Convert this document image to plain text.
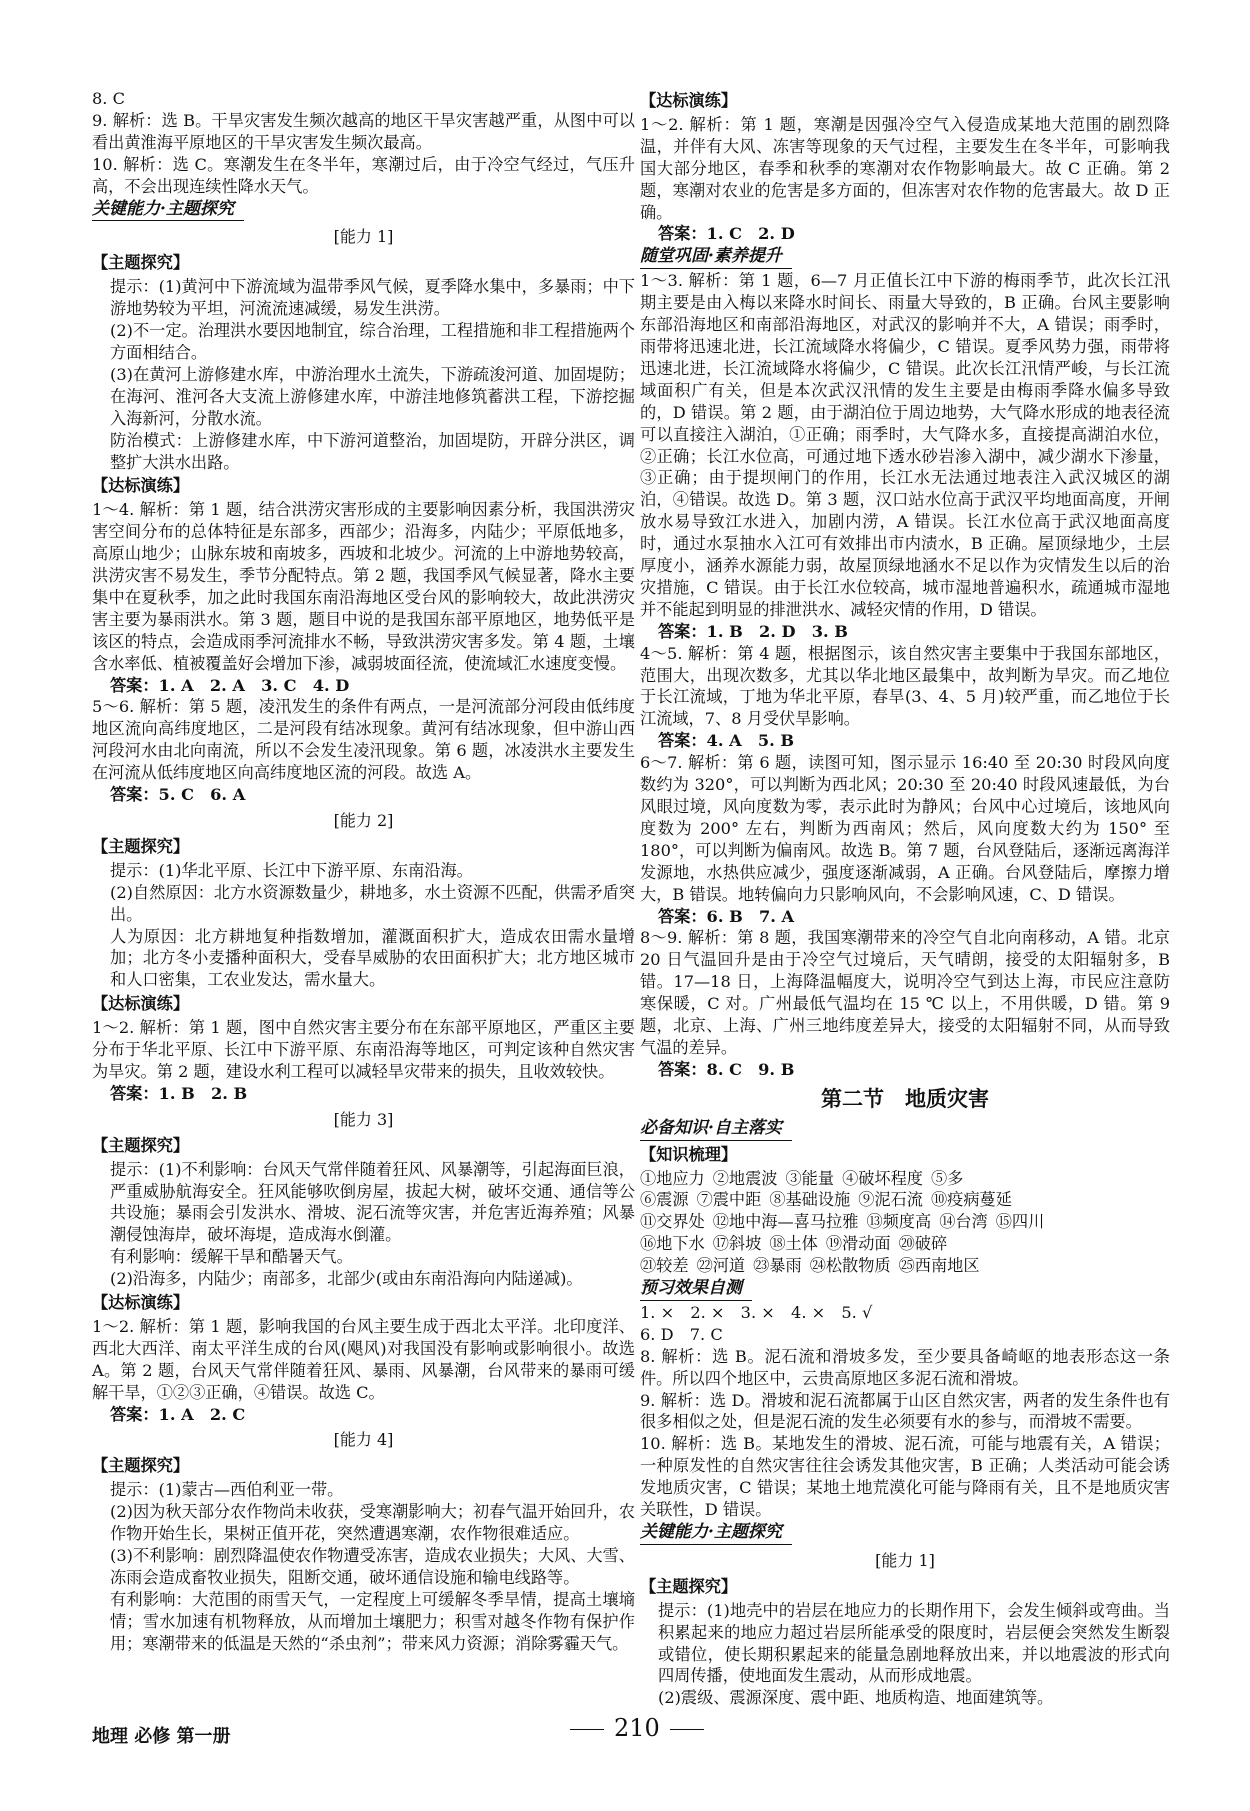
8. C

9. 解析：选 B。干旱灾害发生频次越高的地区干旱灾害越严重，从图中可以看出黄淮海平原地区的干旱灾害发生频次最高。

10. 解析：选 C。寒潮发生在冬半年，寒潮过后，由于冷空气经过，气压升高，不会出现连续性降水天气。

关键能力·主题探究

[能力 1]

【主题探究】

提示：(1)黄河中下游流域为温带季风气候，夏季降水集中，多暴雨；中下游地势较为平坦，河流流速减缓，易发生洪涝。

(2)不一定。治理洪水要因地制宜，综合治理，工程措施和非工程措施两个方面相结合。

(3)在黄河上游修建水库，中游治理水土流失，下游疏浚河道、加固堤防；在海河、淮河各大支流上游修建水库，中游洼地修筑蓄洪工程，下游挖掘入海新河，分散水流。

防治模式：上游修建水库，中下游河道整治，加固堤防，开辟分洪区，调整扩大洪水出路。

【达标演练】

1～4. 解析：第 1 题，结合洪涝灾害形成的主要影响因素分析，我国洪涝灾害空间分布的总体特征是东部多，西部少；沿海多，内陆少；平原低地多，高原山地少；山脉东坡和南坡多，西坡和北坡少。河流的上中游地势较高，洪涝灾害不易发生，季节分配特点。第 2 题，我国季风气候显著，降水主要集中在夏秋季，加之此时我国东南沿海地区受台风的影响较大，故此洪涝灾害主要为暴雨洪水。第 3 题，题目中说的是我国东部平原地区，地势低平是该区的特点，会造成雨季河流排水不畅，导致洪涝灾害多发。第 4 题，土壤含水率低、植被覆盖好会增加下渗，减弱坡面径流，使流域汇水速度变慢。

答案：1. A　2. A　3. C　4. D

5～6. 解析：第 5 题，凌汛发生的条件有两点，一是河流部分河段由低纬度地区流向高纬度地区，二是河段有结冰现象。黄河有结冰现象，但中游山西河段河水由北向南流，所以不会发生凌汛现象。第 6 题，冰凌洪水主要发生在河流从低纬度地区向高纬度地区流的河段。故选 A。

答案：5. C　6. A

[能力 2]

【主题探究】

提示：(1)华北平原、长江中下游平原、东南沿海。

(2)自然原因：北方水资源数量少，耕地多，水土资源不匹配，供需矛盾突出。

人为原因：北方耕地复种指数增加，灌溉面积扩大，造成农田需水量增加；北方冬小麦播种面积大，受春旱威胁的农田面积扩大；北方地区城市和人口密集，工农业发达，需水量大。

【达标演练】

1～2. 解析：第 1 题，图中自然灾害主要分布在东部平原地区，严重区主要分布于华北平原、长江中下游平原、东南沿海等地区，可判定该种自然灾害为旱灾。第 2 题，建设水利工程可以减轻旱灾带来的损失，且收效较快。

答案：1. B　2. B

[能力 3]

【主题探究】

提示：(1)不利影响：台风天气常伴随着狂风、风暴潮等，引起海面巨浪，严重威胁航海安全。狂风能够吹倒房屋，拔起大树，破坏交通、通信等公共设施；暴雨会引发洪水、滑坡、泥石流等灾害，并危害近海养殖；风暴潮侵蚀海岸，破坏海堤，造成海水倒灌。

有利影响：缓解干旱和酷暑天气。

(2)沿海多，内陆少；南部多，北部少(或由东南沿海向内陆递减)。

【达标演练】

1～2. 解析：第 1 题，影响我国的台风主要生成于西北太平洋。北印度洋、西北大西洋、南太平洋生成的台风(飓风)对我国没有影响或影响很小。故选 A。第 2 题，台风天气常伴随着狂风、暴雨、风暴潮，台风带来的暴雨可缓解干旱，①②③正确，④错误。故选 C。

答案：1. A　2. C

[能力 4]

【主题探究】

提示：(1)蒙古—西伯利亚一带。

(2)因为秋天部分农作物尚未收获，受寒潮影响大；初春气温开始回升，农作物开始生长，果树正值开花，突然遭遇寒潮，农作物很难适应。

(3)不利影响：剧烈降温使农作物遭受冻害，造成农业损失；大风、大雪、冻雨会造成畜牧业损失，阻断交通，破坏通信设施和输电线路等。

有利影响：大范围的雨雪天气，一定程度上可缓解冬季旱情，提高土壤墒情；雪水加速有机物释放，从而增加土壤肥力；积雪对越冬作物有保护作用；寒潮带来的低温是天然的“杀虫剂”；带来风力资源；消除雾霾天气。

【达标演练】

1～2. 解析：第 1 题，寒潮是因强冷空气入侵造成某地大范围的剧烈降温，并伴有大风、冻害等现象的天气过程，主要发生在冬半年，可影响我国大部分地区，春季和秋季的寒潮对农作物影响最大。故 C 正确。第 2 题，寒潮对农业的危害是多方面的，但冻害对农作物的危害最大。故 D 正确。

答案：1. C　2. D

随堂巩固·素养提升

1～3. 解析：第 1 题，6—7 月正值长江中下游的梅雨季节，此次长江汛期主要是由入梅以来降水时间长、雨量大导致的，B 正确。台风主要影响东部沿海地区和南部沿海地区，对武汉的影响并不大，A 错误；雨季时，雨带将迅速北进，长江流域降水将偏少，C 错误。夏季风势力强，雨带将迅速北进，长江流域降水将偏少，C 错误。此次长江汛情严峻，与长江流域面积广有关，但是本次武汉汛情的发生主要是由梅雨季降水偏多导致的，D 错误。第 2 题，由于湖泊位于周边地势，大气降水形成的地表径流可以直接注入湖泊，①正确；雨季时，大气降水多，直接提高湖泊水位，②正确；长江水位高，可通过地下透水砂岩渗入湖中，减少湖水下渗量，③正确；由于提坝闸门的作用，长江水无法通过地表注入武汉城区的湖泊，④错误。故选 D。第 3 题，汉口站水位高于武汉平均地面高度，开闸放水易导致江水进入，加剧内涝，A 错误。长江水位高于武汉地面高度时，通过水泵抽水入江可有效排出市内渍水，B 正确。屋顶绿地少，土层厚度小，涵养水源能力弱，故屋顶绿地涵水不足以作为灾情发生以后的治灾措施，C 错误。由于长江水位较高，城市湿地普遍积水，疏通城市湿地并不能起到明显的排泄洪水、减轻灾情的作用，D 错误。

答案：1. B　2. D　3. B

4～5. 解析：第 4 题，根据图示，该自然灾害主要集中于我国东部地区，范围大，出现次数多，尤其以华北地区最集中，故判断为旱灾。而乙地位于长江流域，丁地为华北平原，春旱(3、4、5 月)较严重，而乙地位于长江流域，7、8 月受伏旱影响。

答案：4. A　5. B

6～7. 解析：第 6 题，读图可知，图示显示 16:40 至 20:30 时段风向度数约为 320°，可以判断为西北风；20:30 至 20:40 时段风速最低，为台风眼过境，风向度数为零，表示此时为静风；台风中心过境后，该地风向度数为 200° 左右，判断为西南风；然后，风向度数大约为 150° 至 180°，可以判断为偏南风。故选 B。第 7 题，台风登陆后，逐渐远离海洋发源地，水热供应减少，强度逐渐减弱，A 正确。台风登陆后，摩擦力增大，B 错误。地转偏向力只影响风向，不会影响风速，C、D 错误。

答案：6. B　7. A

8～9. 解析：第 8 题，我国寒潮带来的冷空气自北向南移动，A 错。北京 20 日气温回升是由于冷空气过境后，天气晴朗，接受的太阳辐射多，B 错。17—18 日，上海降温幅度大，说明冷空气到达上海，市民应注意防寒保暖，C 对。广州最低气温均在 15 ℃ 以上，不用供暖，D 错。第 9 题，北京、上海、广州三地纬度差异大，接受的太阳辐射不同，从而导致气温的差异。

答案：8. C　9. B

第二节　地质灾害
必备知识·自主落实

【知识梳理】

①地应力 ②地震波 ③能量 ④破坏程度 ⑤多
⑥震源 ⑦震中距 ⑧基础设施 ⑨泥石流 ⑩疫病蔓延
⑪交界处 ⑫地中海—喜马拉雅 ⑬频度高 ⑭台湾 ⑮四川
⑯地下水 ⑰斜坡 ⑱土体 ⑲滑动面 ⑳破碎
㉑较差 ㉒河道 ㉓暴雨 ㉔松散物质 ㉕西南地区
预习效果自测

1. ×　2. ×　3. ×　4. ×　5. √

6. D　7. C

8. 解析：选 B。泥石流和滑坡多发，至少要具备崎岖的地表形态这一条件。所以四个地区中，云贵高原地区多泥石流和滑坡。

9. 解析：选 D。滑坡和泥石流都属于山区自然灾害，两者的发生条件也有很多相似之处，但是泥石流的发生必须要有水的参与，而滑坡不需要。

10. 解析：选 B。某地发生的滑坡、泥石流，可能与地震有关，A 错误；一种原发性的自然灾害往往会诱发其他灾害，B 正确；人类活动可能会诱发地质灾害，C 错误；某地土地荒漠化可能与降雨有关，且不是地质灾害关联性，D 错误。

关键能力·主题探究

[能力 1]

【主题探究】

提示：(1)地壳中的岩层在地应力的长期作用下，会发生倾斜或弯曲。当积累起来的地应力超过岩层所能承受的限度时，岩层便会突然发生断裂或错位，使长期积累起来的能量急剧地释放出来，并以地震波的形式向四周传播，使地面发生震动，从而形成地震。

(2)震级、震源深度、震中距、地质构造、地面建筑等。

地理 必修 第一册	210
